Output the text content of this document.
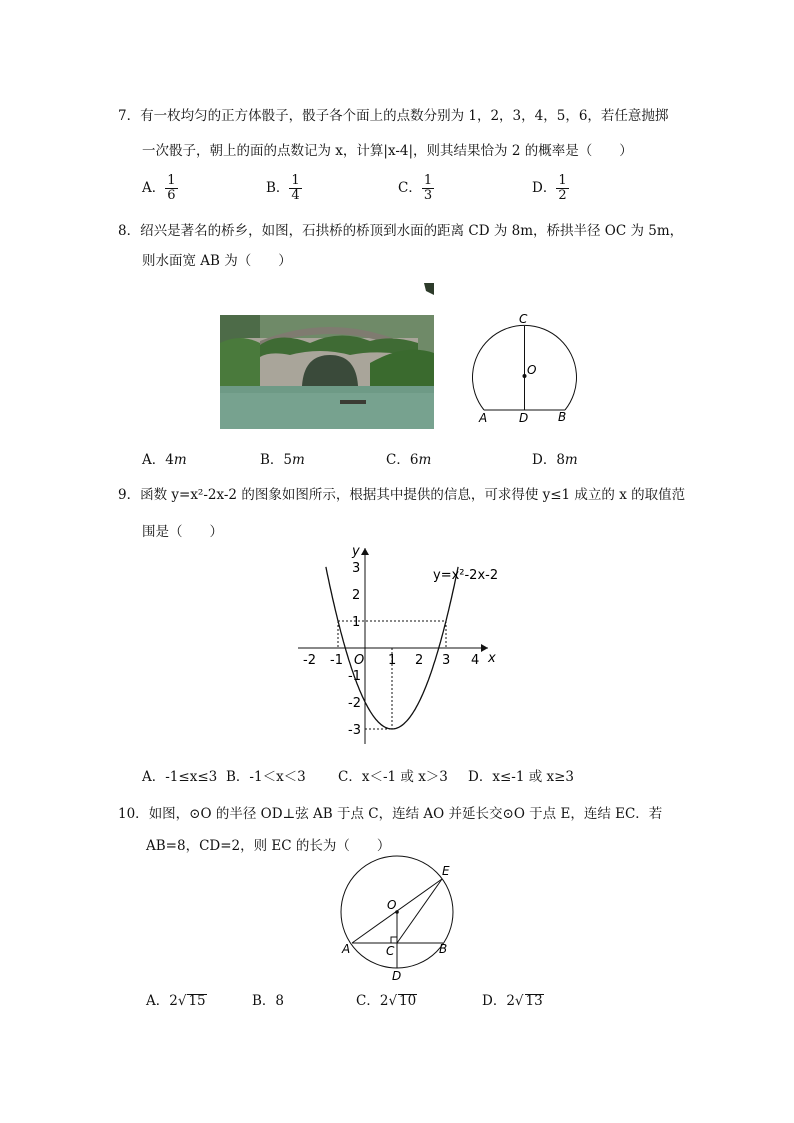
7．有一枚均匀的正方体骰子，骰子各个面上的点数分别为 1，2，3，4，5，6，若任意抛掷
一次骰子，朝上的面的点数记为 x，计算|x-4|，则其结果恰为 2 的概率是（　　）
A． $\frac{1}{6}$	B． $\frac{1}{4}$	C． $\frac{1}{3}$	D． $\frac{1}{2}$
8．绍兴是著名的桥乡，如图，石拱桥的桥顶到水面的距离 CD 为 8m，桥拱半径 OC 为 5m，
则水面宽 AB 为（　　）
C
O
A	D B
A．4m	B．5m	C．6m	D．8m
9．函数 y=x²-2x-2 的图象如图所示，根据其中提供的信息，可求得使 y≤1 成立的 x 的取值范
围是（　　）
-2 -1 O 1 2 3 4 x
y
3
2
1
-1
-2
-3
y=x²-2x-2
A．-1≤x≤3 B．-1＜x＜3 C．x＜-1 或 x＞3 D．x≤-1 或 x≥3
10．如图，⊙O 的半径 OD⊥弦 AB 于点 C，连结 AO 并延长交⊙O 于点 E，连结 EC．若
AB=8，CD=2，则 EC 的长为（　　）
E
O
A	C	B
D
A．2√ 15	B．8	C．2√ 10	D．2√ 13
